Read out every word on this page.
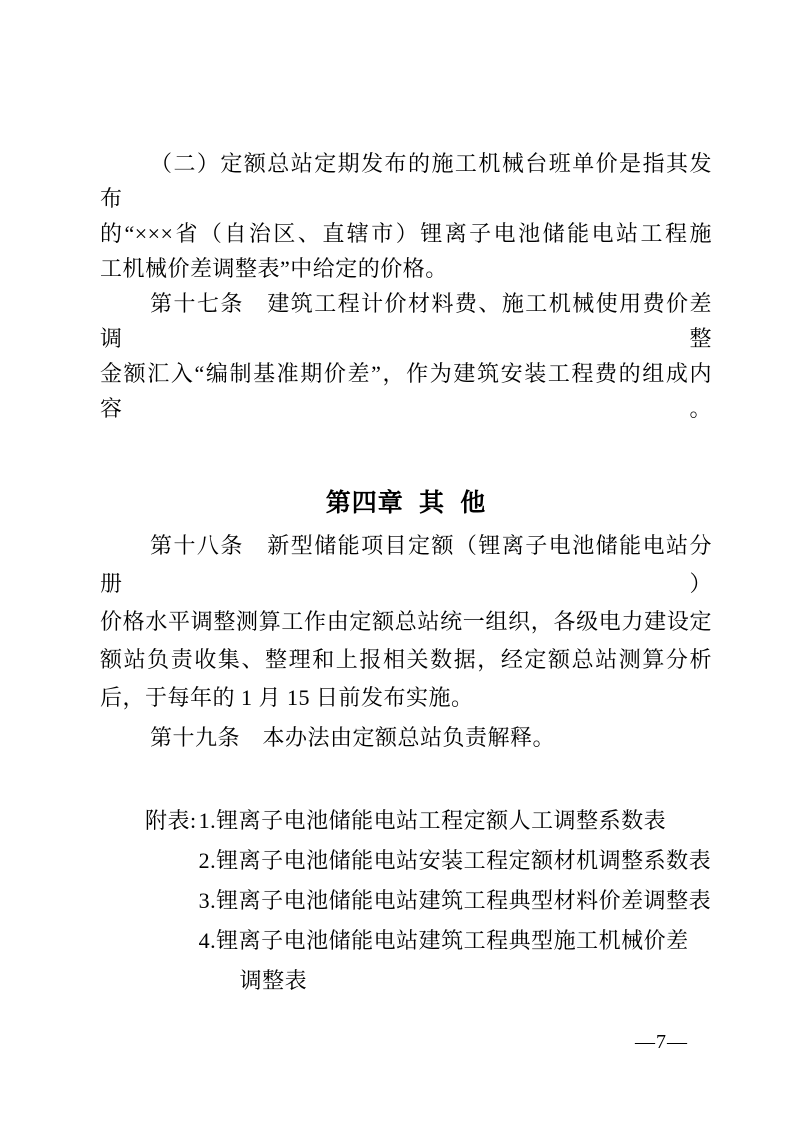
（二）定额总站定期发布的施工机械台班单价是指其发布
的“×××省（自治区、直辖市）锂离子电池储能电站工程施
工机械价差调整表”中给定的价格。
第十七条　建筑工程计价材料费、施工机械使用费价差调整
金额汇入“编制基准期价差”，作为建筑安装工程费的组成内容。
第四章 其 他
第十八条　新型储能项目定额（锂离子电池储能电站分册）
价格水平调整测算工作由定额总站统一组织，各级电力建设定
额站负责收集、整理和上报相关数据，经定额总站测算分析
后，于每年的 1 月 15 日前发布实施。
第十九条　本办法由定额总站负责解释。
附表: 1.锂离子电池储能电站工程定额人工调整系数表
2.锂离子电池储能电站安装工程定额材机调整系数表
3.锂离子电池储能电站建筑工程典型材料价差调整表
4.锂离子电池储能电站建筑工程典型施工机械价差
调整表
—7—
